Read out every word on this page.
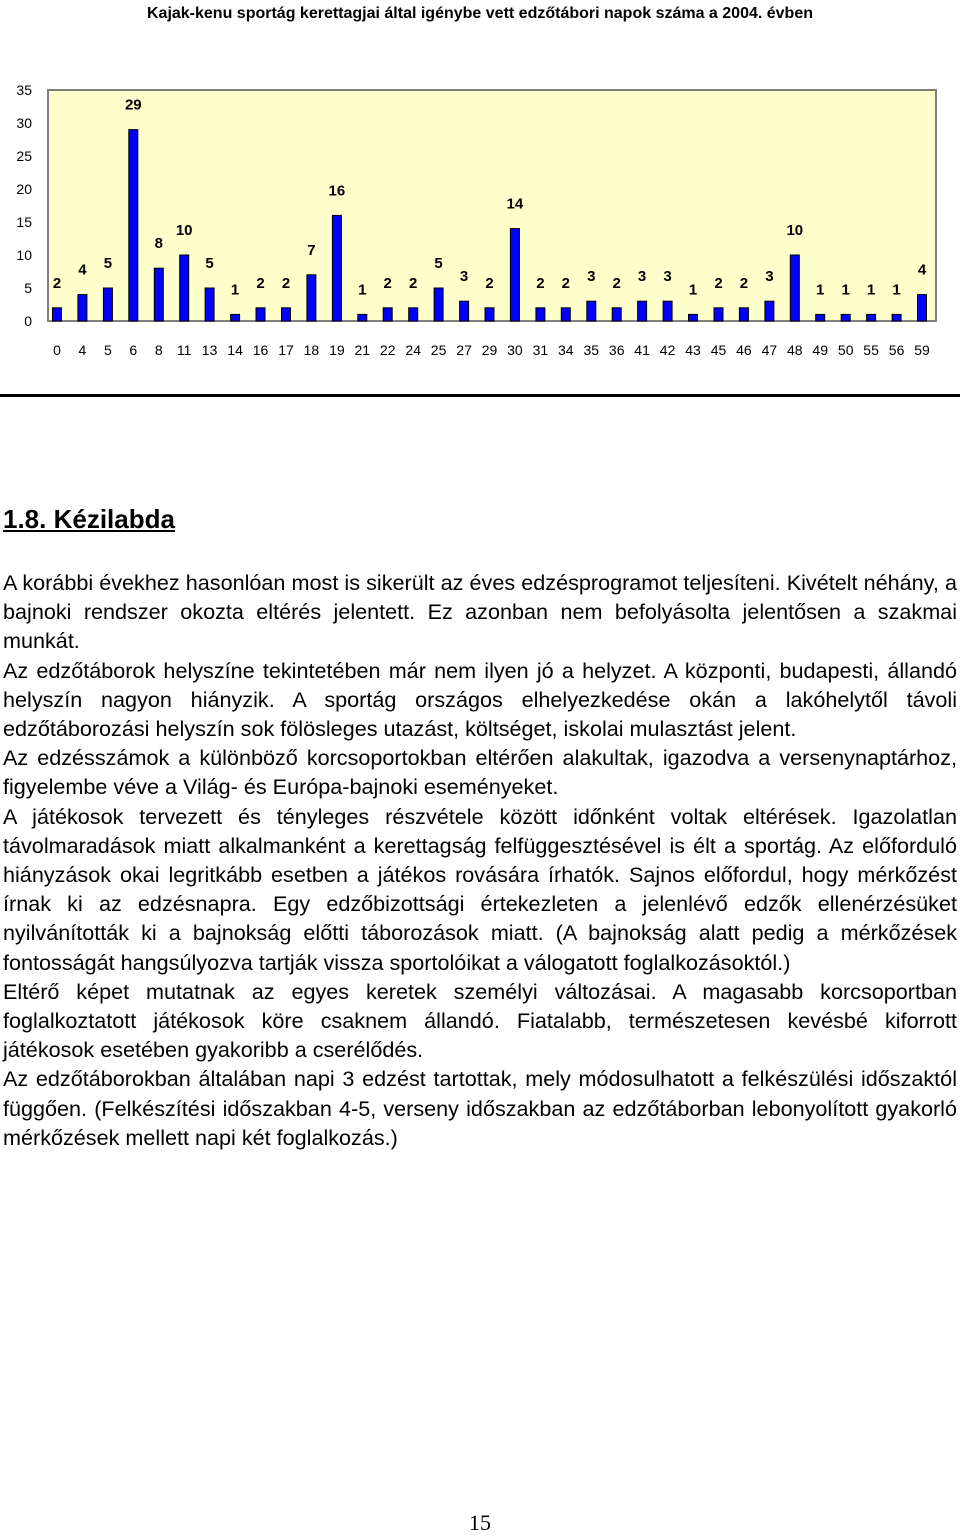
Kajak-kenu sportág kerettagjai által igénybe vett edzőtábori napok száma a 2004. évben
35
30
25
20
15
10
5
0
2
4 5
29
8
10
5
1 2 2
7
16
1 2 2
5
3 2
14
2 2 3 2 3 3
1 2 2 3
10
1 1 1 1
4
0 4 5 6 8 11 13 14 16 17 18 19 21 22 24 25 27 29 30 31 34 35 36 41 42 43 45 46 47 48 49 50 55 56 59
1.8. Kézilabda

A korábbi évekhez hasonlóan most is sikerült az éves edzésprogramot teljesíteni. Kivételt néhány, a bajnoki rendszer okozta eltérés jelentett. Ez azonban nem befolyásolta jelentősen a szakmai munkát.

Az edzőtáborok helyszíne tekintetében már nem ilyen jó a helyzet. A központi, budapesti, állandó helyszín nagyon hiányzik. A sportág országos elhelyezkedése okán a lakóhelytől távoli edzőtáborozási helyszín sok fölösleges utazást, költséget, iskolai mulasztást jelent.

Az edzésszámok a különböző korcsoportokban eltérően alakultak, igazodva a versenynaptárhoz, figyelembe véve a Világ- és Európa-bajnoki eseményeket.

A játékosok tervezett és tényleges részvétele között időnként voltak eltérések. Igazolatlan távolmaradások miatt alkalmanként a kerettagság felfüggesztésével is élt a sportág. Az előforduló hiányzások okai legritkább esetben a játékos rovására írhatók. Sajnos előfordul, hogy mérkőzést írnak ki az edzésnapra. Egy edzőbizottsági értekezleten a jelenlévő edzők ellenérzésüket nyilvánították ki a bajnokság előtti táborozások miatt. (A bajnokság alatt pedig a mérkőzések fontosságát hangsúlyozva tartják vissza sportolóikat a válogatott foglalkozásoktól.)

Eltérő képet mutatnak az egyes keretek személyi változásai. A magasabb korcsoportban foglalkoztatott játékosok köre csaknem állandó. Fiatalabb, természetesen kevésbé kiforrott játékosok esetében gyakoribb a cserélődés.

Az edzőtáborokban általában napi 3 edzést tartottak, mely módosulhatott a felkészülési időszaktól függően. (Felkészítési időszakban 4-5, verseny időszakban az edzőtáborban lebonyolított gyakorló mérkőzések mellett napi két foglalkozás.)

15
